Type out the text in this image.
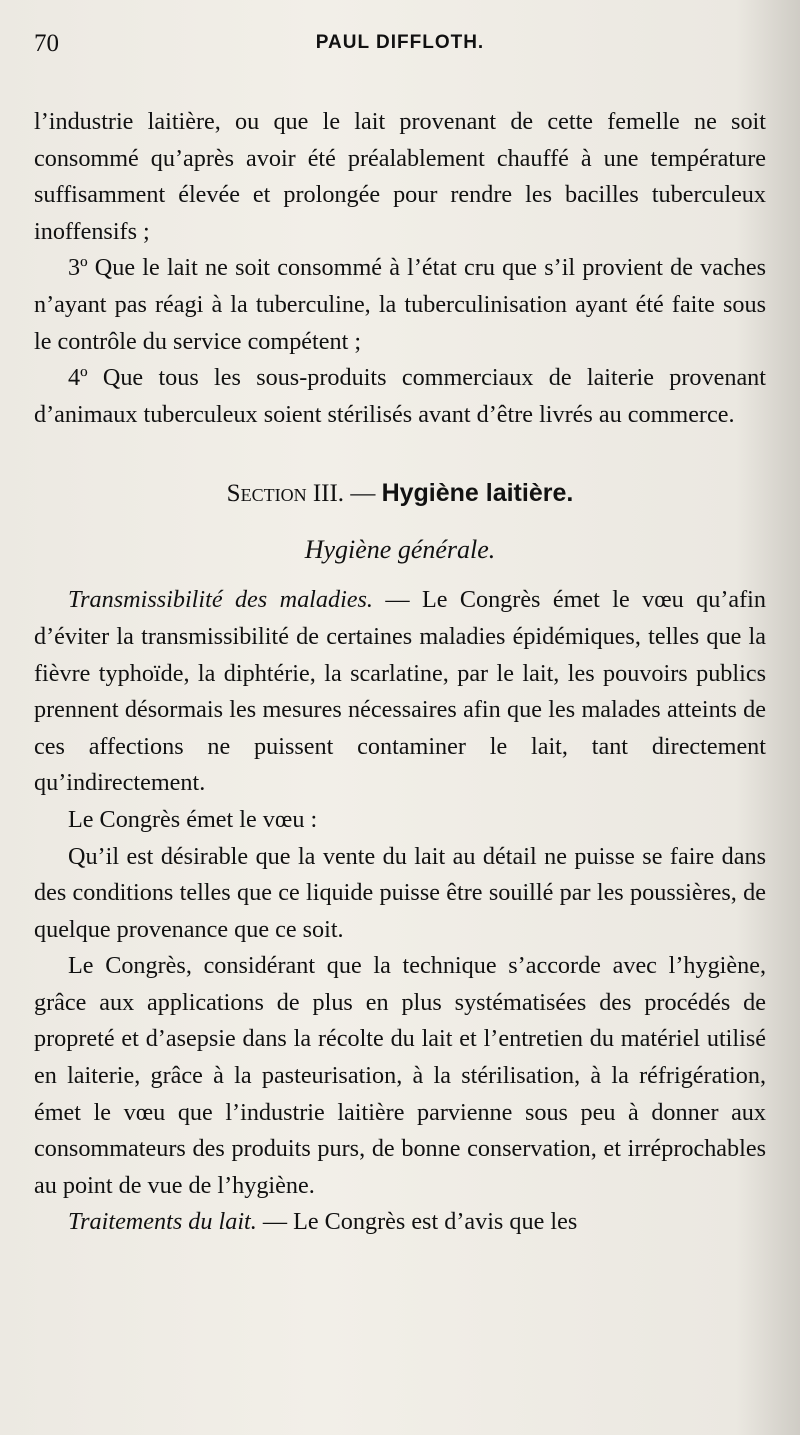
70	PAUL DIFFLOTH.

l’industrie laitière, ou que le lait provenant de cette femelle ne soit consommé qu’après avoir été préalablement chauffé à une température suffisamment élevée et prolongée pour rendre les bacilles tuberculeux inoffensifs ;

3º Que le lait ne soit consommé à l’état cru que s’il provient de vaches n’ayant pas réagi à la tuberculine, la tuberculinisation ayant été faite sous le contrôle du service compétent ;

4º Que tous les sous-produits commerciaux de laiterie provenant d’animaux tuberculeux soient stérilisés avant d’être livrés au commerce.

Section III. — Hygiène laitière.
Hygiène générale.

Transmissibilité des maladies. — Le Congrès émet le vœu qu’afin d’éviter la transmissibilité de certaines maladies épidémiques, telles que la fièvre typhoïde, la diphtérie, la scarlatine, par le lait, les pouvoirs publics prennent désormais les mesures nécessaires afin que les malades atteints de ces affections ne puissent contaminer le lait, tant directement qu’indirectement.

Le Congrès émet le vœu :

Qu’il est désirable que la vente du lait au détail ne puisse se faire dans des conditions telles que ce liquide puisse être souillé par les poussières, de quelque provenance que ce soit.

Le Congrès, considérant que la technique s’accorde avec l’hygiène, grâce aux applications de plus en plus systématisées des procédés de propreté et d’asepsie dans la récolte du lait et l’entretien du matériel utilisé en laiterie, grâce à la pasteurisation, à la stérilisation, à la réfrigération, émet le vœu que l’industrie laitière parvienne sous peu à donner aux consommateurs des produits purs, de bonne conservation, et irréprochables au point de vue de l’hygiène.

Traitements du lait. — Le Congrès est d’avis que les
